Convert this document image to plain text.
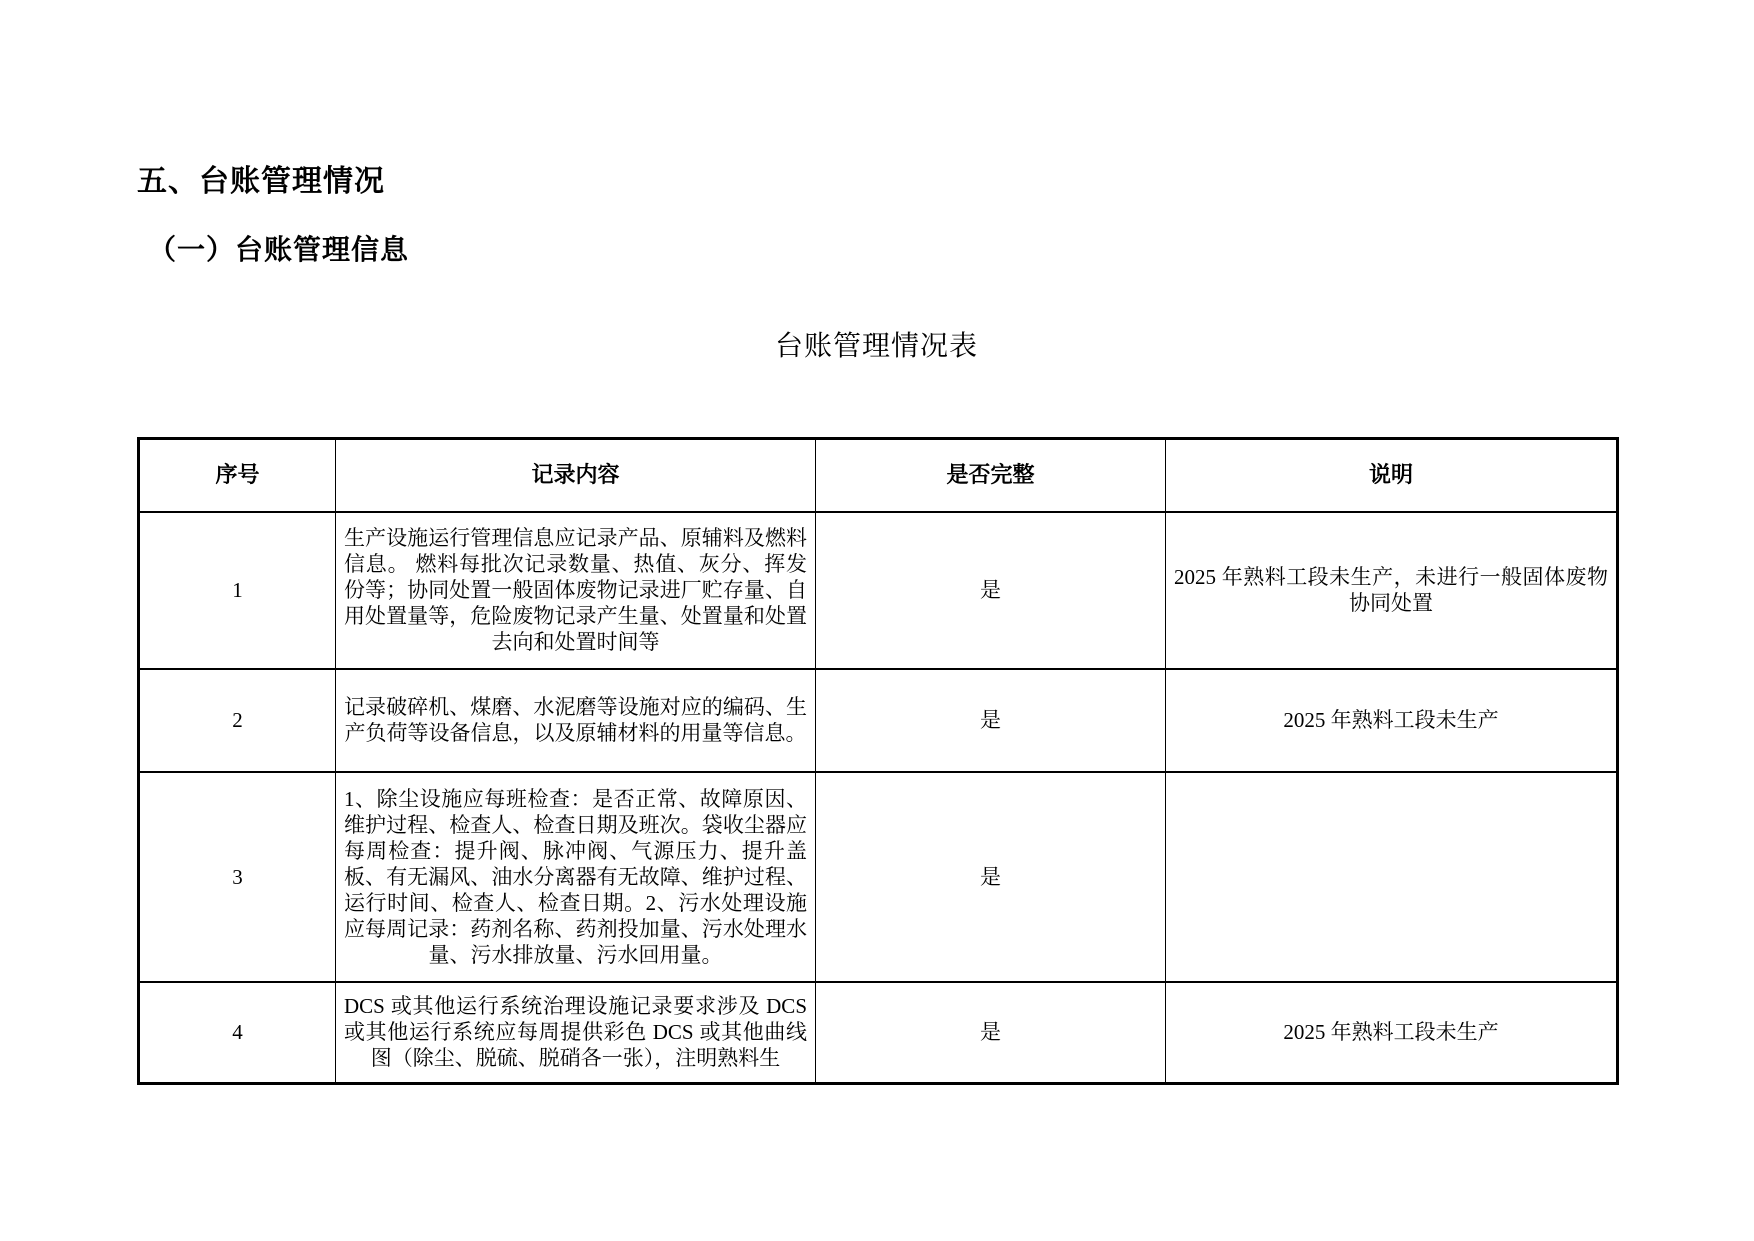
五、台账管理情况
（一）台账管理信息
台账管理情况表
序号	记录内容	是否完整	说明
1	生产设施运行管理信息应记录产品、原辅料及燃料信息。 燃料每批次记录数量、热值、灰分、挥发份等；协同处置一般固体废物记录进厂贮存量、自用处置量等，危险废物记录产生量、处置量和处置去向和处置时间等	是	2025 年熟料工段未生产，未进行一般固体废物协同处置
2	记录破碎机、煤磨、水泥磨等设施对应的编码、生产负荷等设备信息，以及原辅材料的用量等信息。	是	2025 年熟料工段未生产
3	1、除尘设施应每班检查：是否正常、故障原因、维护过程、检查人、检查日期及班次。袋收尘器应每周检查：提升阀、脉冲阀、气源压力、提升盖板、有无漏风、油水分离器有无故障、维护过程、运行时间、检查人、检查日期。2、污水处理设施应每周记录：药剂名称、药剂投加量、污水处理水量、污水排放量、污水回用量。	是	
4	DCS 或其他运行系统治理设施记录要求涉及 DCS 或其他运行系统应每周提供彩色 DCS 或其他曲线图（除尘、脱硫、脱硝各一张），注明熟料生	是	2025 年熟料工段未生产
